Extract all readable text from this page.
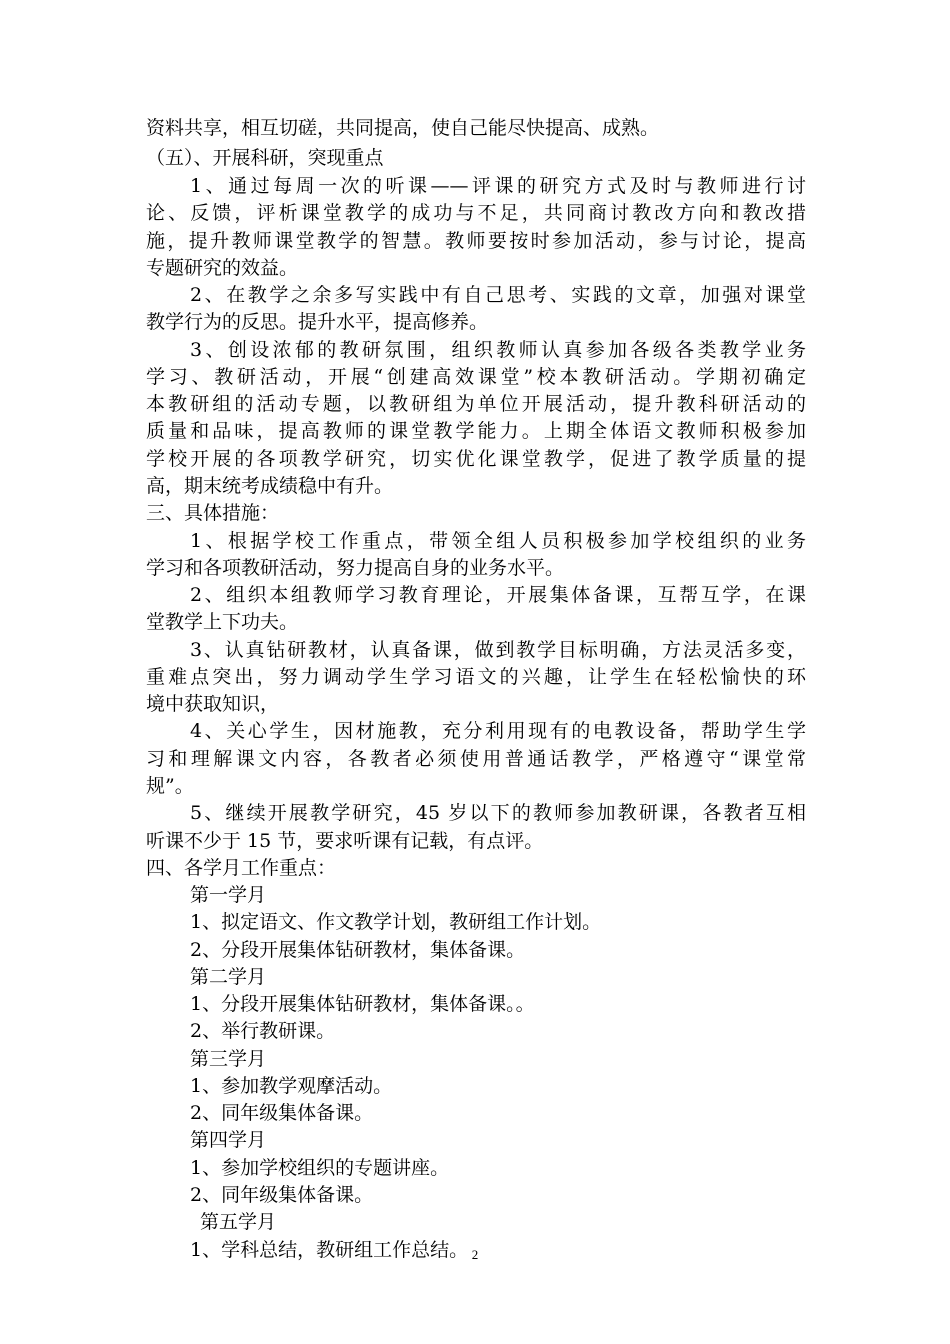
资料共享，相互切磋，共同提高，使自己能尽快提高、成熟。
（五）、开展科研，突现重点
1、通过每周一次的听课——评课的研究方式及时与教师进行讨
论、反馈，评析课堂教学的成功与不足，共同商讨教改方向和教改措
施，提升教师课堂教学的智慧。教师要按时参加活动，参与讨论，提高
专题研究的效益。
2、在教学之余多写实践中有自己思考、实践的文章，加强对课堂
教学行为的反思。提升水平，提高修养。
3、创设浓郁的教研氛围，组织教师认真参加各级各类教学业务
学习、教研活动，开展“创建高效课堂”校本教研活动。学期初确定
本教研组的活动专题，以教研组为单位开展活动，提升教科研活动的
质量和品味，提高教师的课堂教学能力。上期全体语文教师积极参加
学校开展的各项教学研究，切实优化课堂教学，促进了教学质量的提
高，期末统考成绩稳中有升。
三、具体措施：
1、根据学校工作重点，带领全组人员积极参加学校组织的业务
学习和各项教研活动，努力提高自身的业务水平。
2、组织本组教师学习教育理论，开展集体备课，互帮互学，在课
堂教学上下功夫。
3、认真钻研教材，认真备课，做到教学目标明确，方法灵活多变，
重难点突出，努力调动学生学习语文的兴趣，让学生在轻松愉快的环
境中获取知识，
4、关心学生，因材施教，充分利用现有的电教设备，帮助学生学
习和理解课文内容，各教者必须使用普通话教学，严格遵守“课堂常
规”。
5、继续开展教学研究，45 岁以下的教师参加教研课，各教者互相
听课不少于 15 节，要求听课有记载，有点评。
四、各学月工作重点：
第一学月
1、拟定语文、作文教学计划，教研组工作计划。
2、分段开展集体钻研教材，集体备课。
第二学月
1、分段开展集体钻研教材，集体备课。。
2、举行教研课。
第三学月
1、参加教学观摩活动。
2、同年级集体备课。
第四学月
1、参加学校组织的专题讲座。
2、同年级集体备课。
第五学月
1、学科总结，教研组工作总结。 2
